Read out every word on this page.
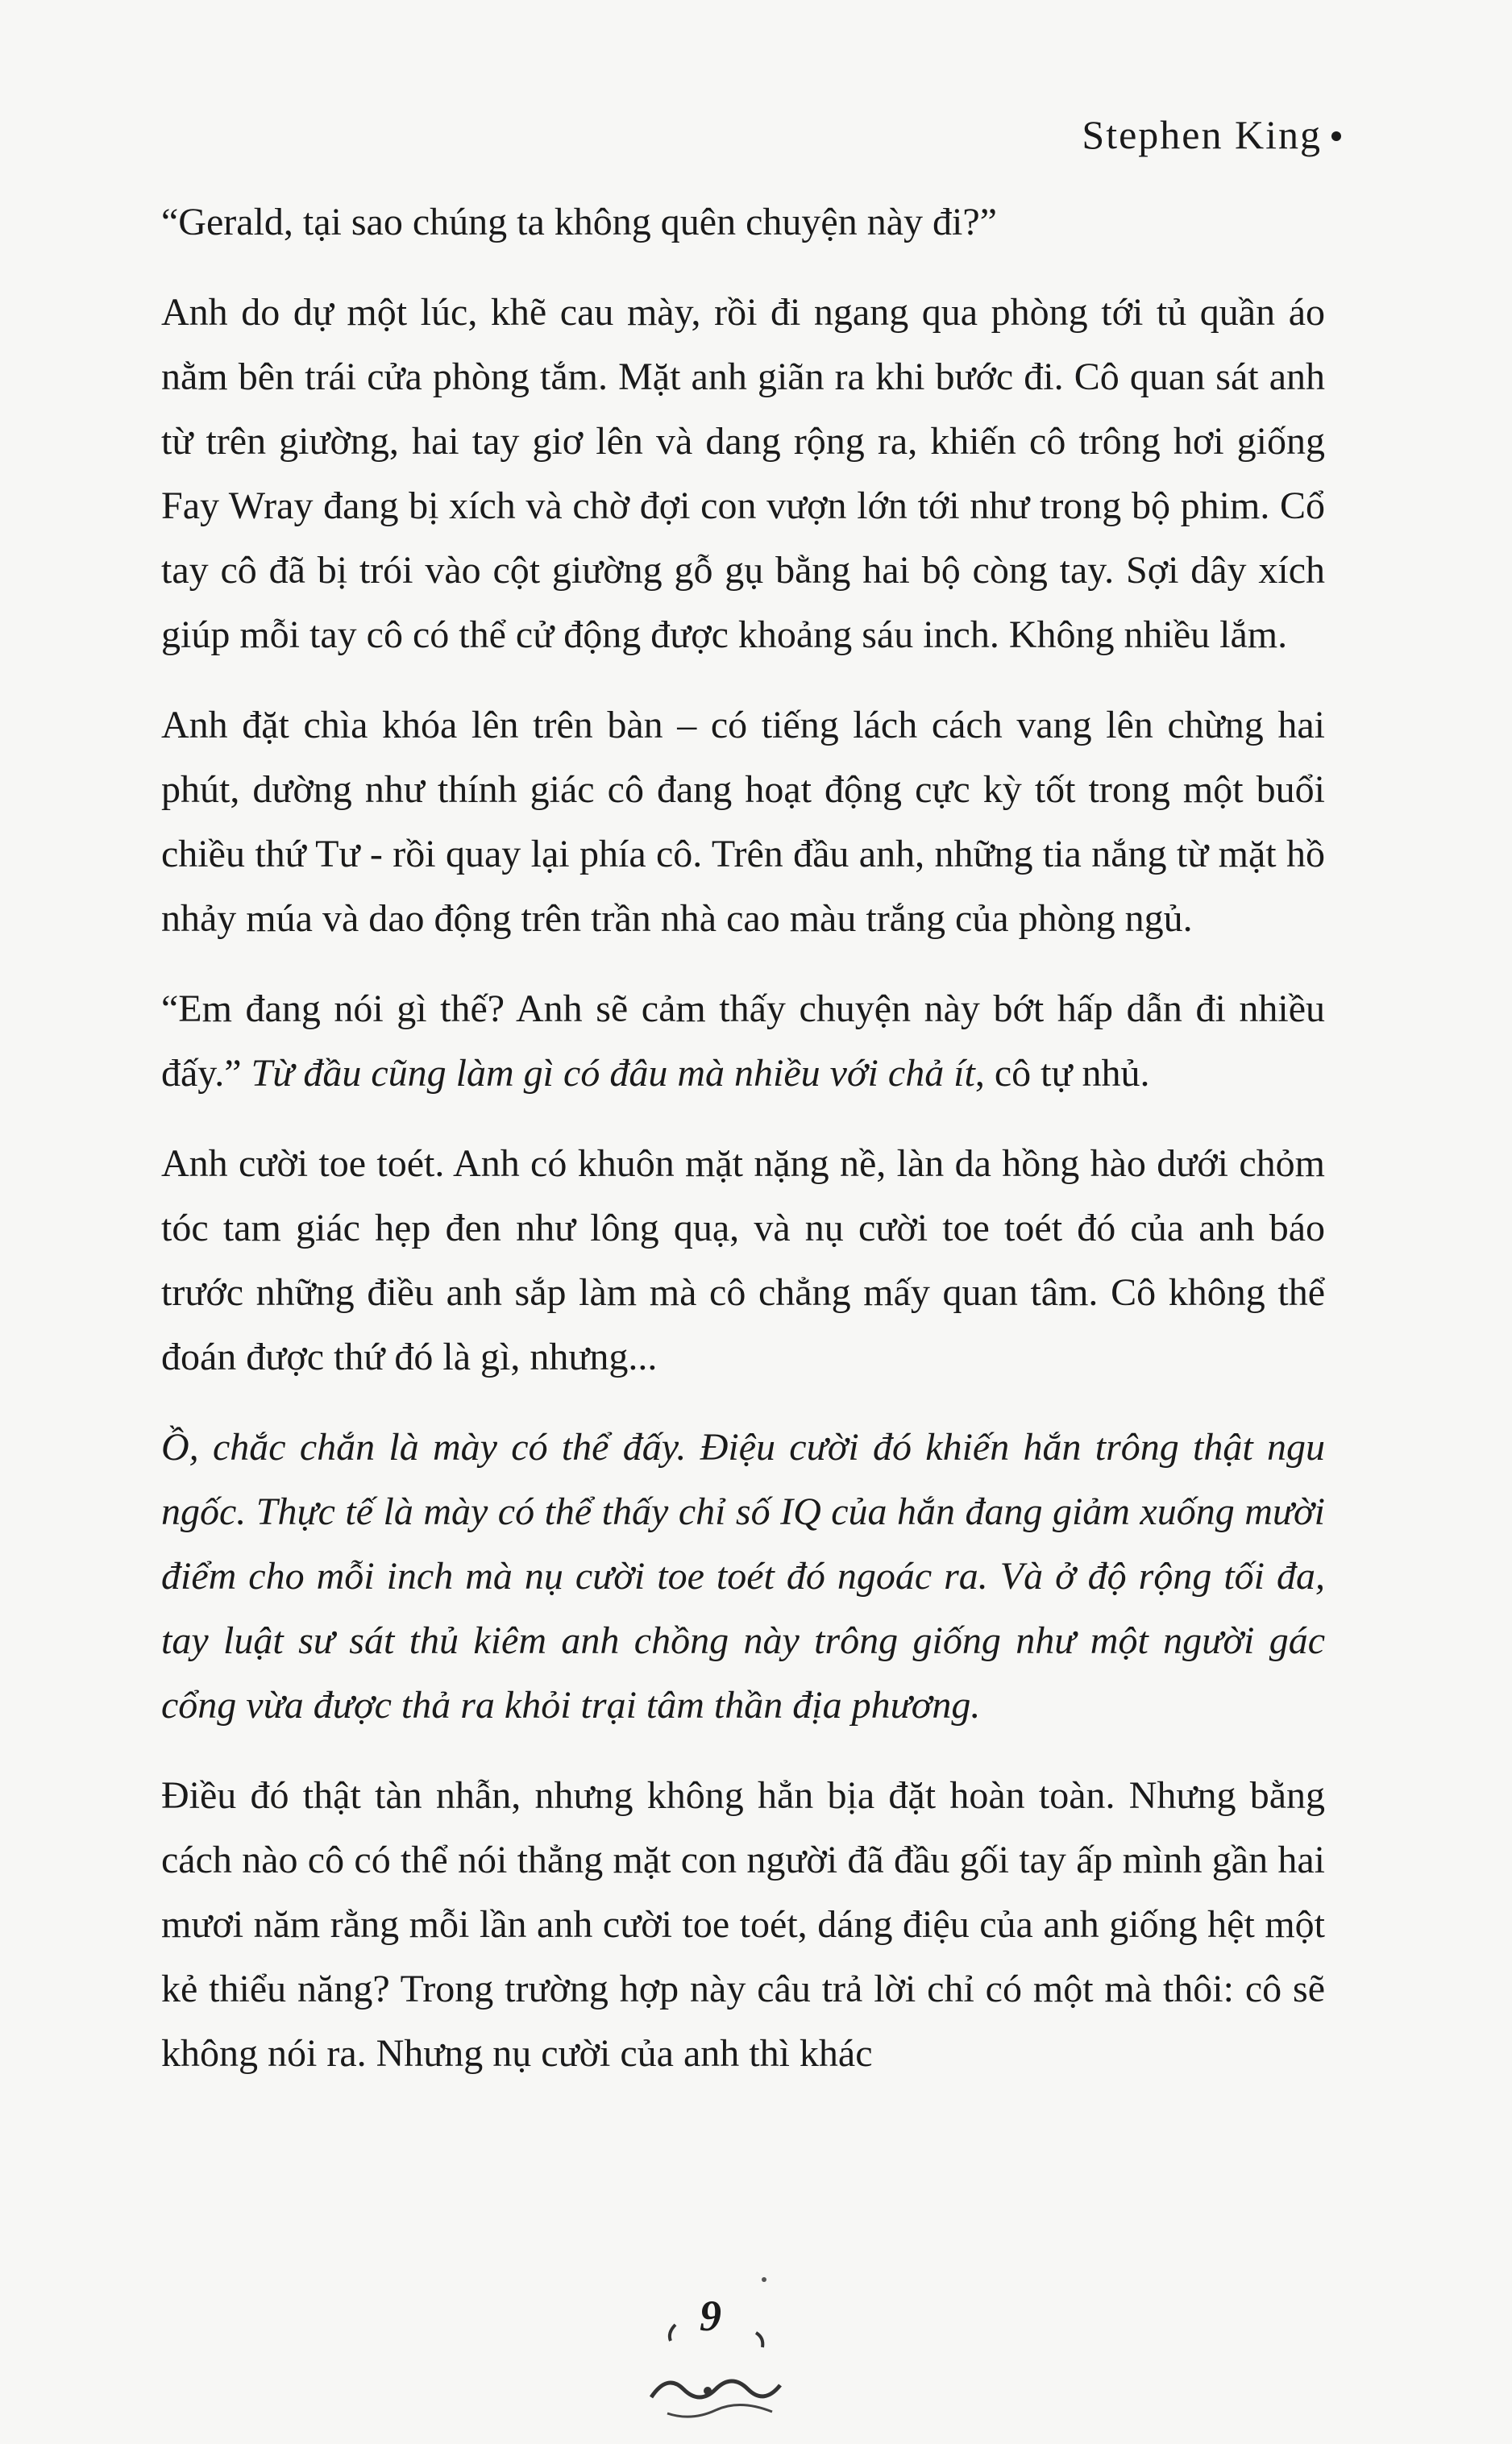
Stephen King

“Gerald, tại sao chúng ta không quên chuyện này đi?”

Anh do dự một lúc, khẽ cau mày, rồi đi ngang qua phòng tới tủ quần áo nằm bên trái cửa phòng tắm. Mặt anh giãn ra khi bước đi. Cô quan sát anh từ trên giường, hai tay giơ lên và dang rộng ra, khiến cô trông hơi giống Fay Wray đang bị xích và chờ đợi con vượn lớn tới như trong bộ phim. Cổ tay cô đã bị trói vào cột giường gỗ gụ bằng hai bộ còng tay. Sợi dây xích giúp mỗi tay cô có thể cử động được khoảng sáu inch. Không nhiều lắm.

Anh đặt chìa khóa lên trên bàn – có tiếng lách cách vang lên chừng hai phút, dường như thính giác cô đang hoạt động cực kỳ tốt trong một buổi chiều thứ Tư - rồi quay lại phía cô. Trên đầu anh, những tia nắng từ mặt hồ nhảy múa và dao động trên trần nhà cao màu trắng của phòng ngủ.

“Em đang nói gì thế? Anh sẽ cảm thấy chuyện này bớt hấp dẫn đi nhiều đấy.” Từ đầu cũng làm gì có đâu mà nhiều với chả ít, cô tự nhủ.

Anh cười toe toét. Anh có khuôn mặt nặng nề, làn da hồng hào dưới chỏm tóc tam giác hẹp đen như lông quạ, và nụ cười toe toét đó của anh báo trước những điều anh sắp làm mà cô chẳng mấy quan tâm. Cô không thể đoán được thứ đó là gì, nhưng...

Ồ, chắc chắn là mày có thể đấy. Điệu cười đó khiến hắn trông thật ngu ngốc. Thực tế là mày có thể thấy chỉ số IQ của hắn đang giảm xuống mười điểm cho mỗi inch mà nụ cười toe toét đó ngoác ra. Và ở độ rộng tối đa, tay luật sư sát thủ kiêm anh chồng này trông giống như một người gác cổng vừa được thả ra khỏi trại tâm thần địa phương.

Điều đó thật tàn nhẫn, nhưng không hẳn bịa đặt hoàn toàn. Nhưng bằng cách nào cô có thể nói thẳng mặt con người đã đầu gối tay ấp mình gần hai mươi năm rằng mỗi lần anh cười toe toét, dáng điệu của anh giống hệt một kẻ thiểu năng? Trong trường hợp này câu trả lời chỉ có một mà thôi: cô sẽ không nói ra. Nhưng nụ cười của anh thì khác

9
